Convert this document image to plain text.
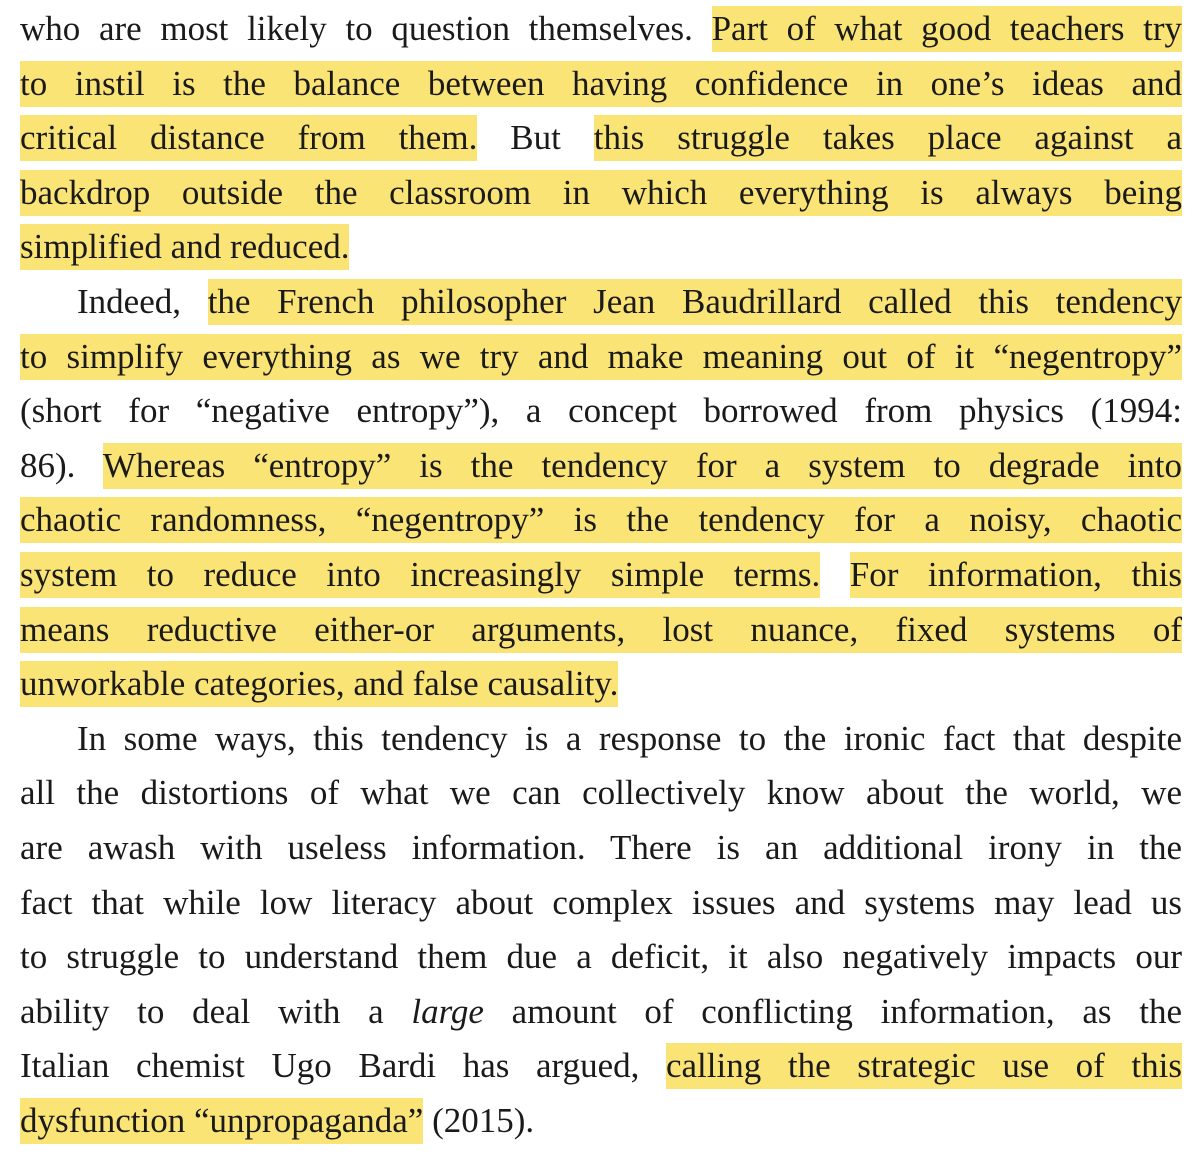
who are most likely to question themselves. Part of what good teachers try
to instil is the balance between having confidence in one’s ideas and
critical distance from them. But this struggle takes place against a
backdrop outside the classroom in which everything is always being
simplified and reduced.
Indeed, the French philosopher Jean Baudrillard called this tendency
to simplify everything as we try and make meaning out of it “negentropy”
(short for “negative entropy”), a concept borrowed from physics (1994:
86). Whereas “entropy” is the tendency for a system to degrade into
chaotic randomness, “negentropy” is the tendency for a noisy, chaotic
system to reduce into increasingly simple terms. For information, this
means reductive either-or arguments, lost nuance, fixed systems of
unworkable categories, and false causality.
In some ways, this tendency is a response to the ironic fact that despite
all the distortions of what we can collectively know about the world, we
are awash with useless information. There is an additional irony in the
fact that while low literacy about complex issues and systems may lead us
to struggle to understand them due a deficit, it also negatively impacts our
ability to deal with a large amount of conflicting information, as the
Italian chemist Ugo Bardi has argued, calling the strategic use of this
dysfunction “unpropaganda” (2015).
